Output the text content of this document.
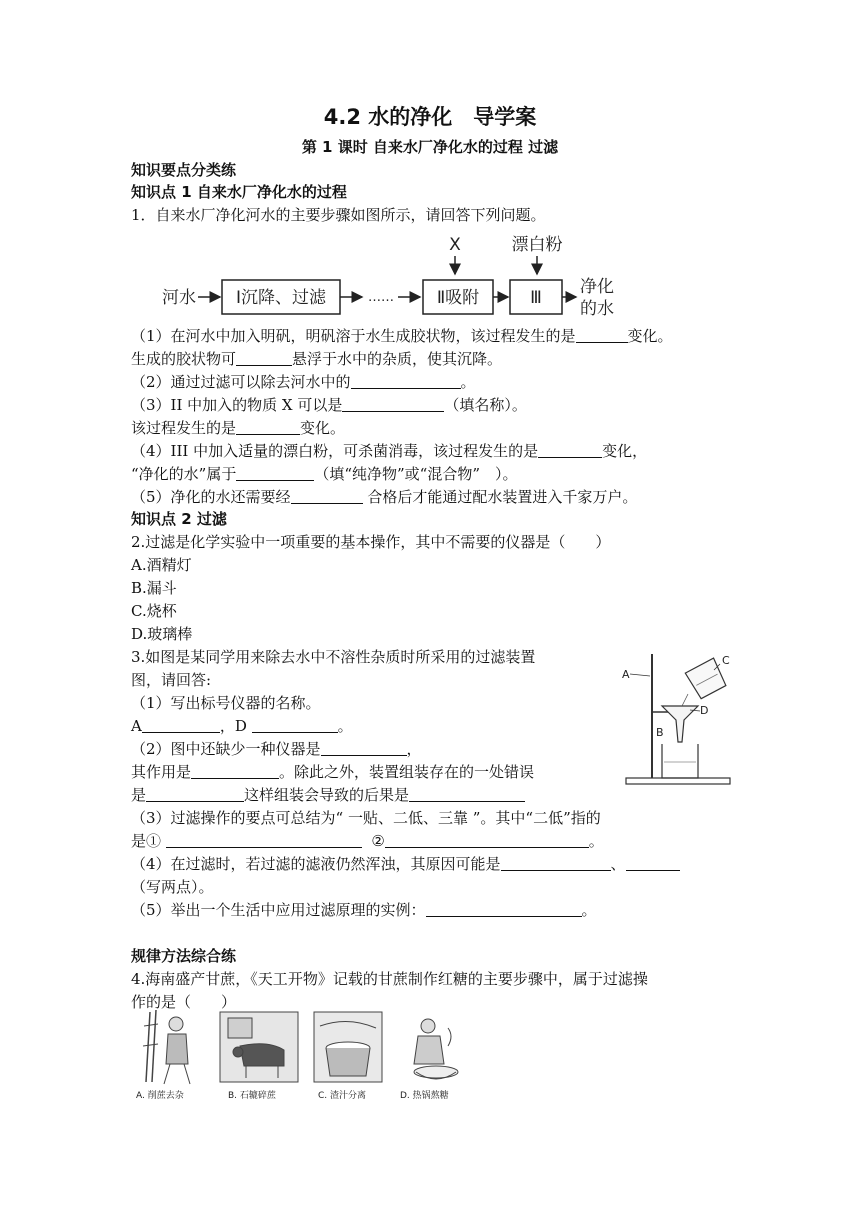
4.2 水的净化　导学案
第 1 课时 自来水厂净化水的过程 过滤
知识要点分类练
知识点 1 自来水厂净化水的过程
1．自来水厂净化河水的主要步骤如图所示，请回答下列问题。
X	漂白粉
河水 Ⅰ沉降、过滤	……	Ⅱ吸附	Ⅲ
净化
的水
（1）在河水中加入明矾，明矾溶于水生成胶状物，该过程发生的是	变化。
生成的胶状物可	悬浮于水中的杂质，使其沉降。
（2）通过过滤可以除去河水中的	。
（3）II 中加入的物质 X 可以是	（填名称）。
该过程发生的是	变化。
（4）III 中加入适量的漂白粉，可杀菌消毒，该过程发生的是	变化，
“净化的水”属于	（填“纯净物”或“混合物”　）。
（5）净化的水还需要经	合格后才能通过配水装置进入千家万户。
知识点 2 过滤
2.过滤是化学实验中一项重要的基本操作，其中不需要的仪器是（　　）
A.酒精灯
B.漏斗
C.烧杯
D.玻璃棒
3.如图是某同学用来除去水中不溶性杂质时所采用的过滤装置
图，请回答:
（1）写出标号仪器的名称。
A	，D	。
（2）图中还缺少一种仪器是	，
其作用是	。除此之外，装置组装存在的一处错误
是	这样组装会导致的后果是
（3）过滤操作的要点可总结为“ 一贴、二低、三靠 ”。其中“二低”指的
是①	②	。
（4）在过滤时，若过滤的滤液仍然浑浊，其原因可能是	、
（写两点）。
（5）举出一个生活中应用过滤原理的实例：	。
A
D
C
B
规律方法综合练
4.海南盛产甘蔗，《天工开物》记载的甘蔗制作红糖的主要步骤中，属于过滤操
作的是（　　）
A. 削蔗去杂	B. 石辘碎蔗	C. 渣汁分离	D. 热锅熬糖
